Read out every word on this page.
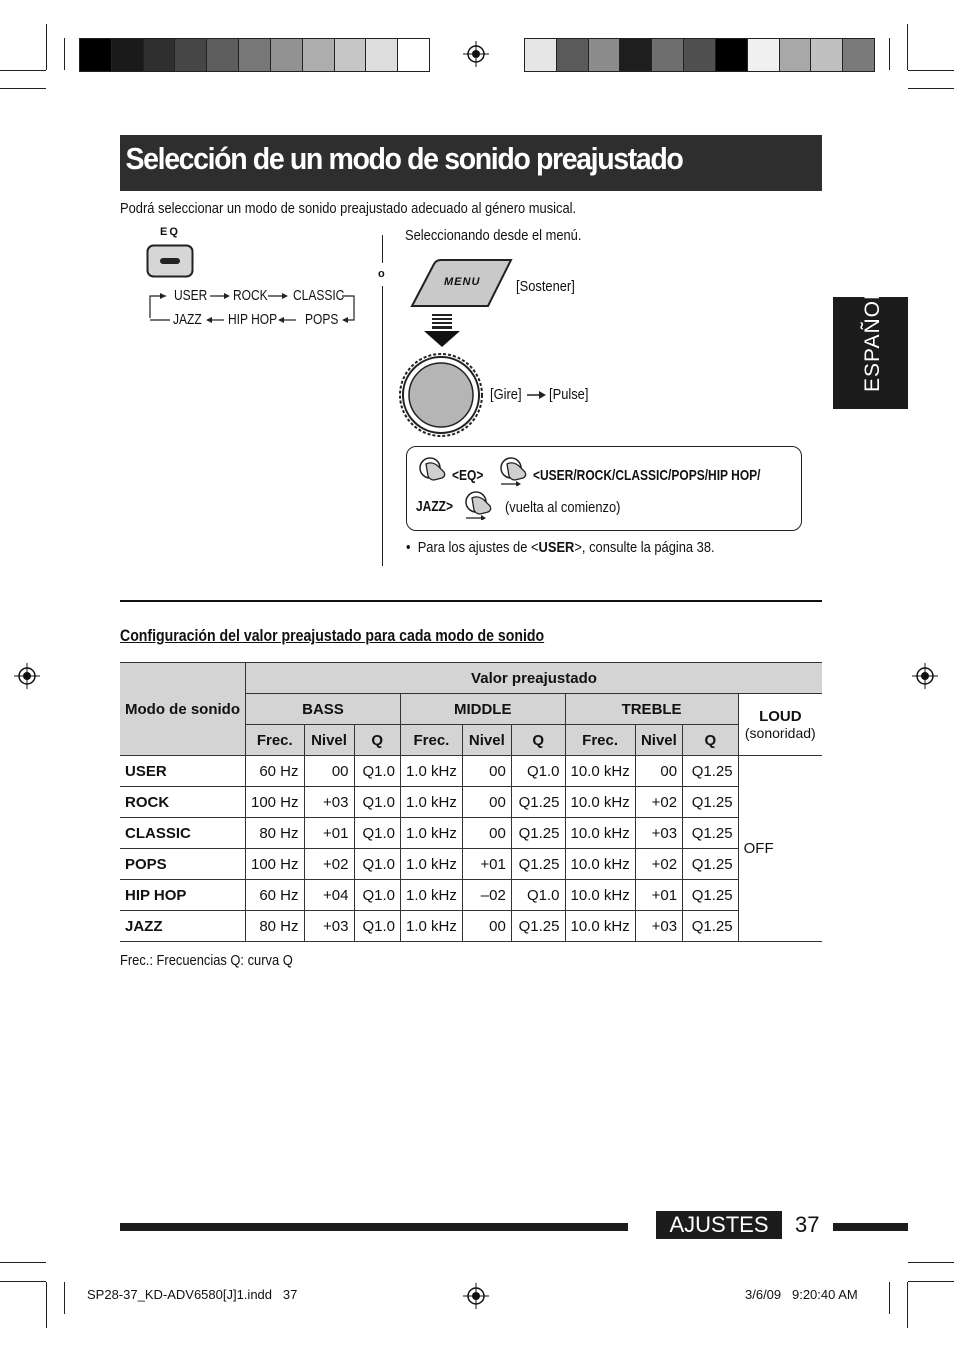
Selección de un modo de sonido preajustado
Podrá seleccionar un modo de sonido preajustado adecuado al género musical.
EQ
USER ROCK CLASSIC
JAZZ HIP HOP POPS
o
Seleccionando desde el menú.
MENU [Sostener]
[Gire] [Pulse]
<EQ>	<USER/ROCK/CLASSIC/POPS/HIP HOP/
JAZZ>	(vuelta al comienzo)
•  Para los ajustes de <USER>, consulte la página 38.
ESPAÑOL
Configuración del valor preajustado para cada modo de sonido
Modo de sonido	Valor preajustado									
	BASS			MIDDLE			TREBLE			LOUD
(sonoridad)

	Frec.	Nivel	Q	Frec.	Nivel	Q	Frec.	Nivel	Q	
USER	60 Hz	00	Q1.0	1.0 kHz	00	Q1.0	10.0 kHz	00	Q1.25	OFF
ROCK	100 Hz	+03	Q1.0	1.0 kHz	00	Q1.25	10.0 kHz	+02	Q1.25	
CLASSIC	80 Hz	+01	Q1.0	1.0 kHz	00	Q1.25	10.0 kHz	+03	Q1.25	
POPS	100 Hz	+02	Q1.0	1.0 kHz	+01	Q1.25	10.0 kHz	+02	Q1.25	
HIP HOP	60 Hz	+04	Q1.0	1.0 kHz	–02	Q1.0	10.0 kHz	+01	Q1.25	
JAZZ	80 Hz	+03	Q1.0	1.0 kHz	00	Q1.25	10.0 kHz	+03	Q1.25	
Frec.: Frecuencias Q: curva Q
AJUSTES	37
SP28-37_KD-ADV6580[J]1.indd   37	3/6/09   9:20:40 AM
